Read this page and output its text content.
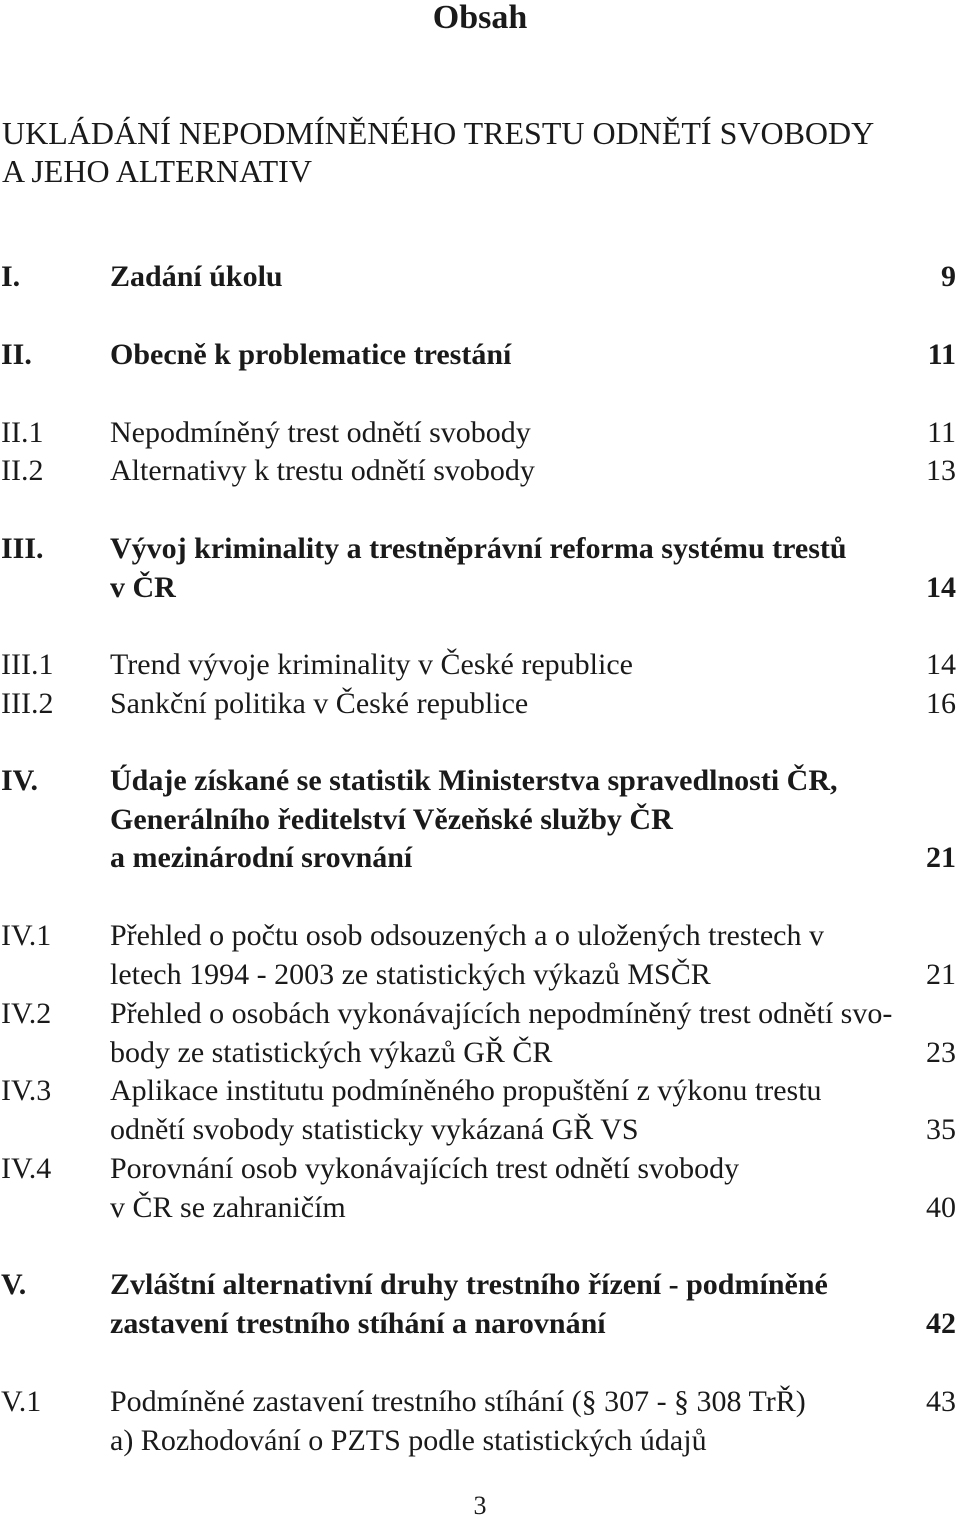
Obsah
UKLÁDÁNÍ NEPODMÍNĚNÉHO TRESTU ODNĚTÍ SVOBODY
A JEHO ALTERNATIV
I.	Zadání úkolu	9
II.	Obecně k problematice trestání	11
II.1 Nepodmíněný trest odnětí svobody	11
II.2 Alternativy k trestu odnětí svobody	13
III. Vývoj kriminality a trestněprávní reforma systému trestů
v ČR	14
III.1 Trend vývoje kriminality v České republice	14
III.2 Sankční politika v České republice	16
IV. Údaje získané se statistik Ministerstva spravedlnosti ČR,
Generálního ředitelství Vězeňské služby ČR
a mezinárodní srovnání	21
IV.1 Přehled o počtu osob odsouzených a o uložených trestech v
letech 1994 - 2003 ze statistických výkazů MSČR	21
IV.2 Přehled o osobách vykonávajících nepodmíněný trest odnětí svo-
body ze statistických výkazů GŘ ČR	23
IV.3 Aplikace institutu podmíněného propuštění z výkonu trestu
odnětí svobody statisticky vykázaná GŘ VS	35
IV.4 Porovnání osob vykonávajících trest odnětí svobody
v ČR se zahraničím	40
V.	Zvláštní alternativní druhy trestního řízení - podmíněné
zastavení trestního stíhání a narovnání	42
V.1 Podmíněné zastavení trestního stíhání (§ 307 - § 308 TrŘ)	43
a) Rozhodování o PZTS podle statistických údajů
3
